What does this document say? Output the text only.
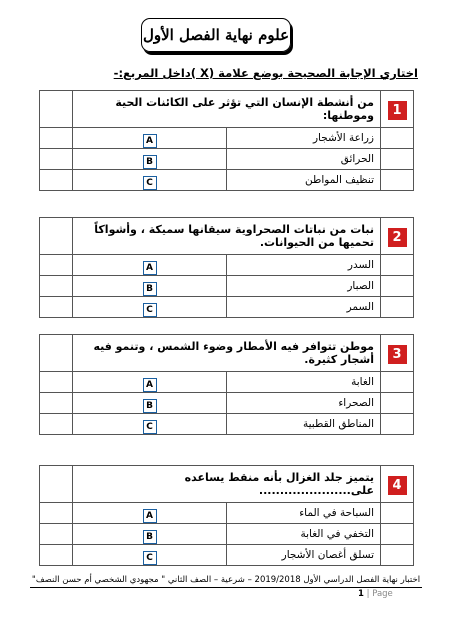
علوم نهاية الفصل الأول
اختاري الإجابة الصحيحة بوضع علامة (X )داخل المربع:-
1	من أنشطة الإنسان التي تؤثر على الكائنات الحية وموطنها:		
	زراعة الأشجار	A	
	الحرائق	B	
	تنظيف المواطن	C	
2	نبات من نباتات الصحراوية سيقانها سميكة ، وأشواكاً تحميها من الحيوانات.		
	السدر	A	
	الصبار	B	
	السمر	C	
3	موطن تتوافر فيه الأمطار وضوء الشمس ، وتنمو فيه أشجار كثيرة.		
	الغابة	A	
	الصحراء	B	
	المناطق القطبية	C	
4	يتميز جلد الغزال بأنه منقط يساعده على......................		
	السباحة في الماء	A	
	التخفي في الغابة	B	
	تسلق أغصان الأشجار	C	
اختبار نهاية الفصل الدراسي الأول 2019/2018 – شرعية – الصف الثاني " مجهودي الشخصي أم حسن النصف"
1 | Page
